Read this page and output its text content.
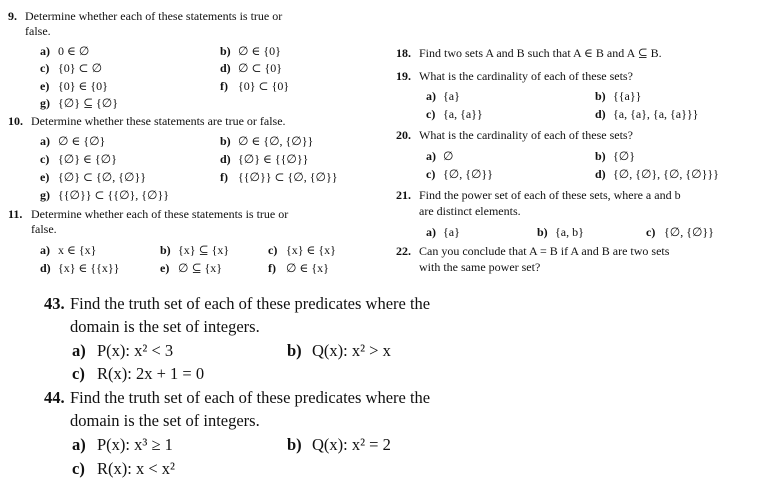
9. Determine whether each of these statements is true or
false.
a) 0 ∈ ∅	b) ∅ ∈ {0}
c) {0} ⊂ ∅	d) ∅ ⊂ {0}
e) {0} ∈ {0}	f) {0} ⊂ {0}
g) {∅} ⊆ {∅}
10. Determine whether these statements are true or false.
a) ∅ ∈ {∅}	b) ∅ ∈ {∅, {∅}}
c) {∅} ∈ {∅}	d) {∅} ∈ {{∅}}
e) {∅} ⊂ {∅, {∅}}	f) {{∅}} ⊂ {∅, {∅}}
g) {{∅}} ⊂ {{∅}, {∅}}
11. Determine whether each of these statements is true or
false.
a) x ∈ {x}	b) {x} ⊆ {x}	c) {x} ∈ {x}
d) {x} ∈ {{x}}	e) ∅ ⊆ {x}	f) ∅ ∈ {x}
18. Find two sets A and B such that A ∈ B and A ⊆ B.
19. What is the cardinality of each of these sets?
a) {a}	b) {{a}}
c) {a, {a}}	d) {a, {a}, {a, {a}}}
20. What is the cardinality of each of these sets?
a) ∅	b) {∅}
c) {∅, {∅}}	d) {∅, {∅}, {∅, {∅}}}
21. Find the power set of each of these sets, where a and b
are distinct elements.
a) {a}	b) {a, b}	c) {∅, {∅}}
22. Can you conclude that A = B if A and B are two sets
with the same power set?
43. Find the truth set of each of these predicates where the
domain is the set of integers.
a) P(x): x² < 3	b) Q(x): x² > x
c) R(x): 2x + 1 = 0
44. Find the truth set of each of these predicates where the
domain is the set of integers.
a) P(x): x³ ≥ 1	b) Q(x): x² = 2
c) R(x): x < x²
